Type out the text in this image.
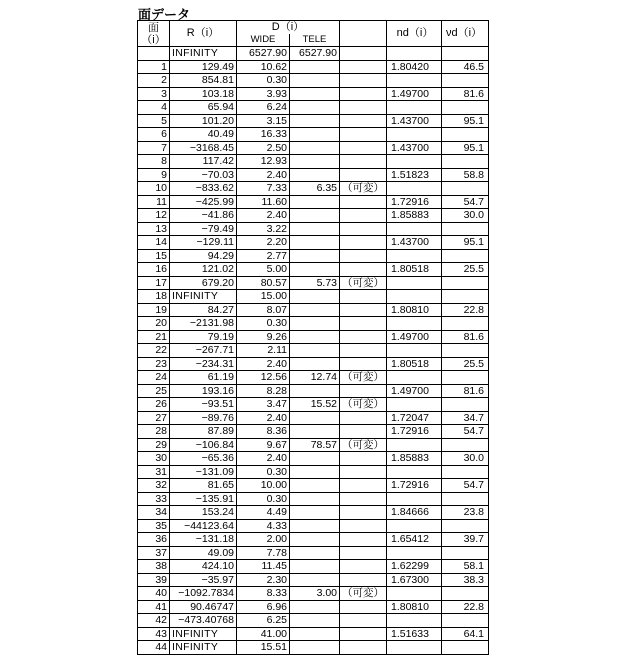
面データ
面
（i）
	R（i）	D（i）		nd（i）	νd（i）
WIDE	TELE
	INFINITY	6527.90	6527.90			
1	129.49	10.62			1.80420	46.5
2	854.81	0.30				
3	103.18	3.93			1.49700	81.6
4	65.94	6.24				
5	101.20	3.15			1.43700	95.1
6	40.49	16.33				
7	−3168.45	2.50			1.43700	95.1
8	117.42	12.93				
9	−70.03	2.40			1.51823	58.8
10	−833.62	7.33	6.35	（可変）		
11	−425.99	11.60			1.72916	54.7
12	−41.86	2.40			1.85883	30.0
13	−79.49	3.22				
14	−129.11	2.20			1.43700	95.1
15	94.29	2.77				
16	121.02	5.00			1.80518	25.5
17	679.20	80.57	5.73	（可変）		
18	INFINITY	15.00				
19	84.27	8.07			1.80810	22.8
20	−2131.98	0.30				
21	79.19	9.26			1.49700	81.6
22	−267.71	2.11				
23	−234.31	2.40			1.80518	25.5
24	61.19	12.56	12.74	（可変）		
25	193.16	8.28			1.49700	81.6
26	−93.51	3.47	15.52	（可変）		
27	−89.76	2.40			1.72047	34.7
28	87.89	8.36			1.72916	54.7
29	−106.84	9.67	78.57	（可変）		
30	−65.36	2.40			1.85883	30.0
31	−131.09	0.30				
32	81.65	10.00			1.72916	54.7
33	−135.91	0.30				
34	153.24	4.49			1.84666	23.8
35	−44123.64	4.33				
36	−131.18	2.00			1.65412	39.7
37	49.09	7.78				
38	424.10	11.45			1.62299	58.1
39	−35.97	2.30			1.67300	38.3
40	−1092.7834	8.33	3.00	（可変）		
41	90.46747	6.96			1.80810	22.8
42	−473.40768	6.25				
43	INFINITY	41.00			1.51633	64.1
44	INFINITY	15.51				
